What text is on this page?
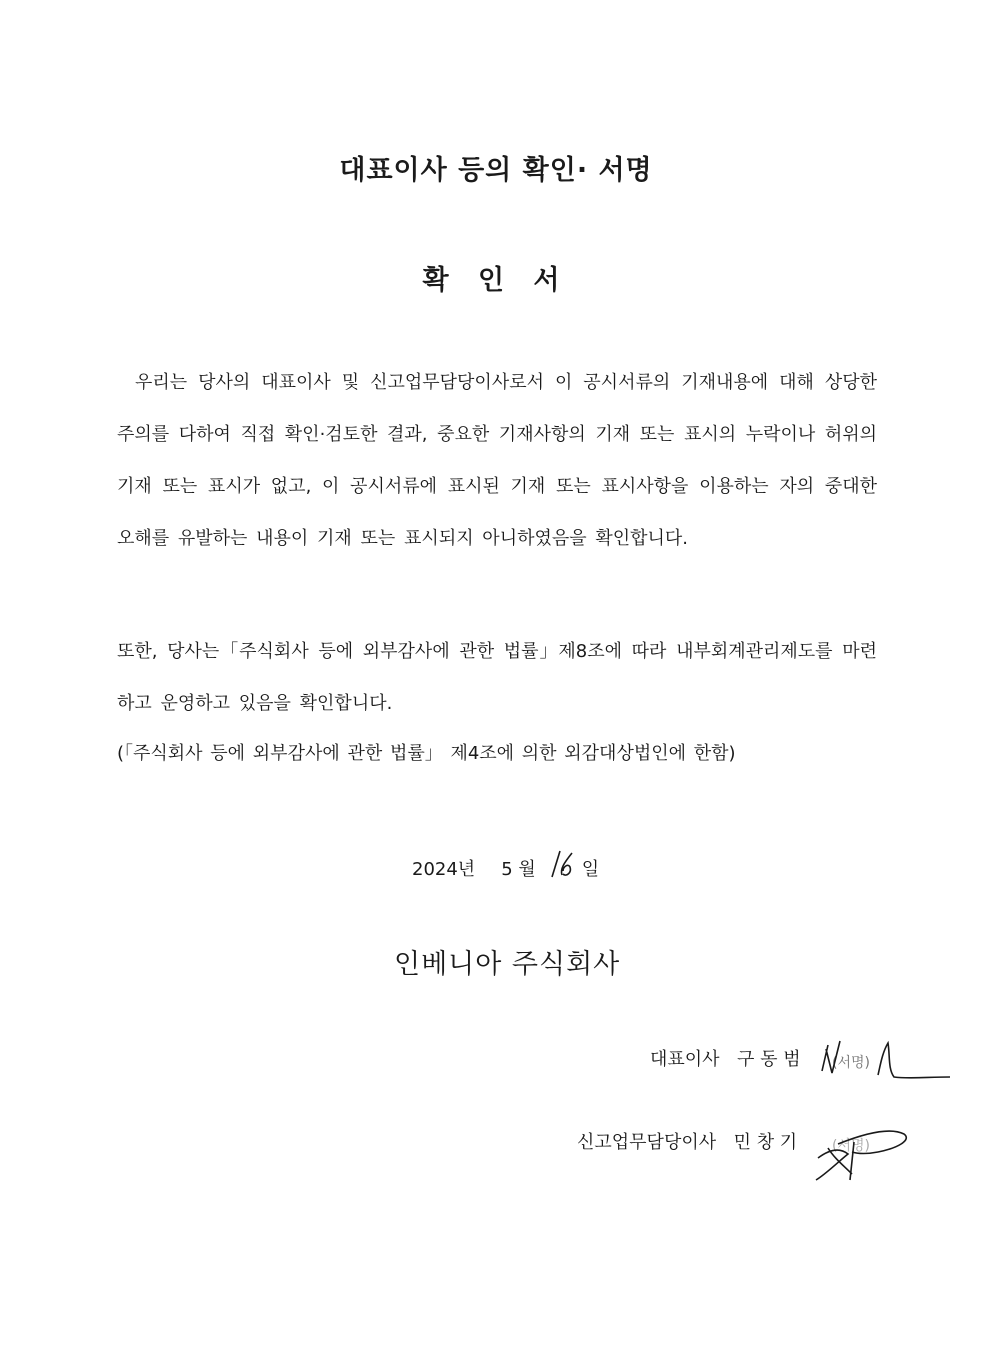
대표이사 등의 확인· 서명
확 인 서
우리는 당사의 대표이사 및 신고업무담당이사로서 이 공시서류의 기재내용에 대해 상당한 주의를 다하여 직접 확인·검토한 결과, 중요한 기재사항의 기재 또는 표시의 누락이나 허위의 기재 또는 표시가 없고, 이 공시서류에 표시된 기재 또는 표시사항을 이용하는 자의 중대한 오해를 유발하는 내용이 기재 또는 표시되지 아니하였음을 확인합니다.
또한, 당사는「주식회사 등에 외부감사에 관한 법률」제8조에 따라 내부회계관리제도를 마련하고 운영하고 있음을 확인합니다.
(「주식회사 등에 외부감사에 관한 법률」 제4조에 의한 외감대상법인에 한함)
2024년 5 월	일
인베니아 주식회사
대표이사 구 동 범 (서명)
신고업무담당이사 민 창 기 (서명)
